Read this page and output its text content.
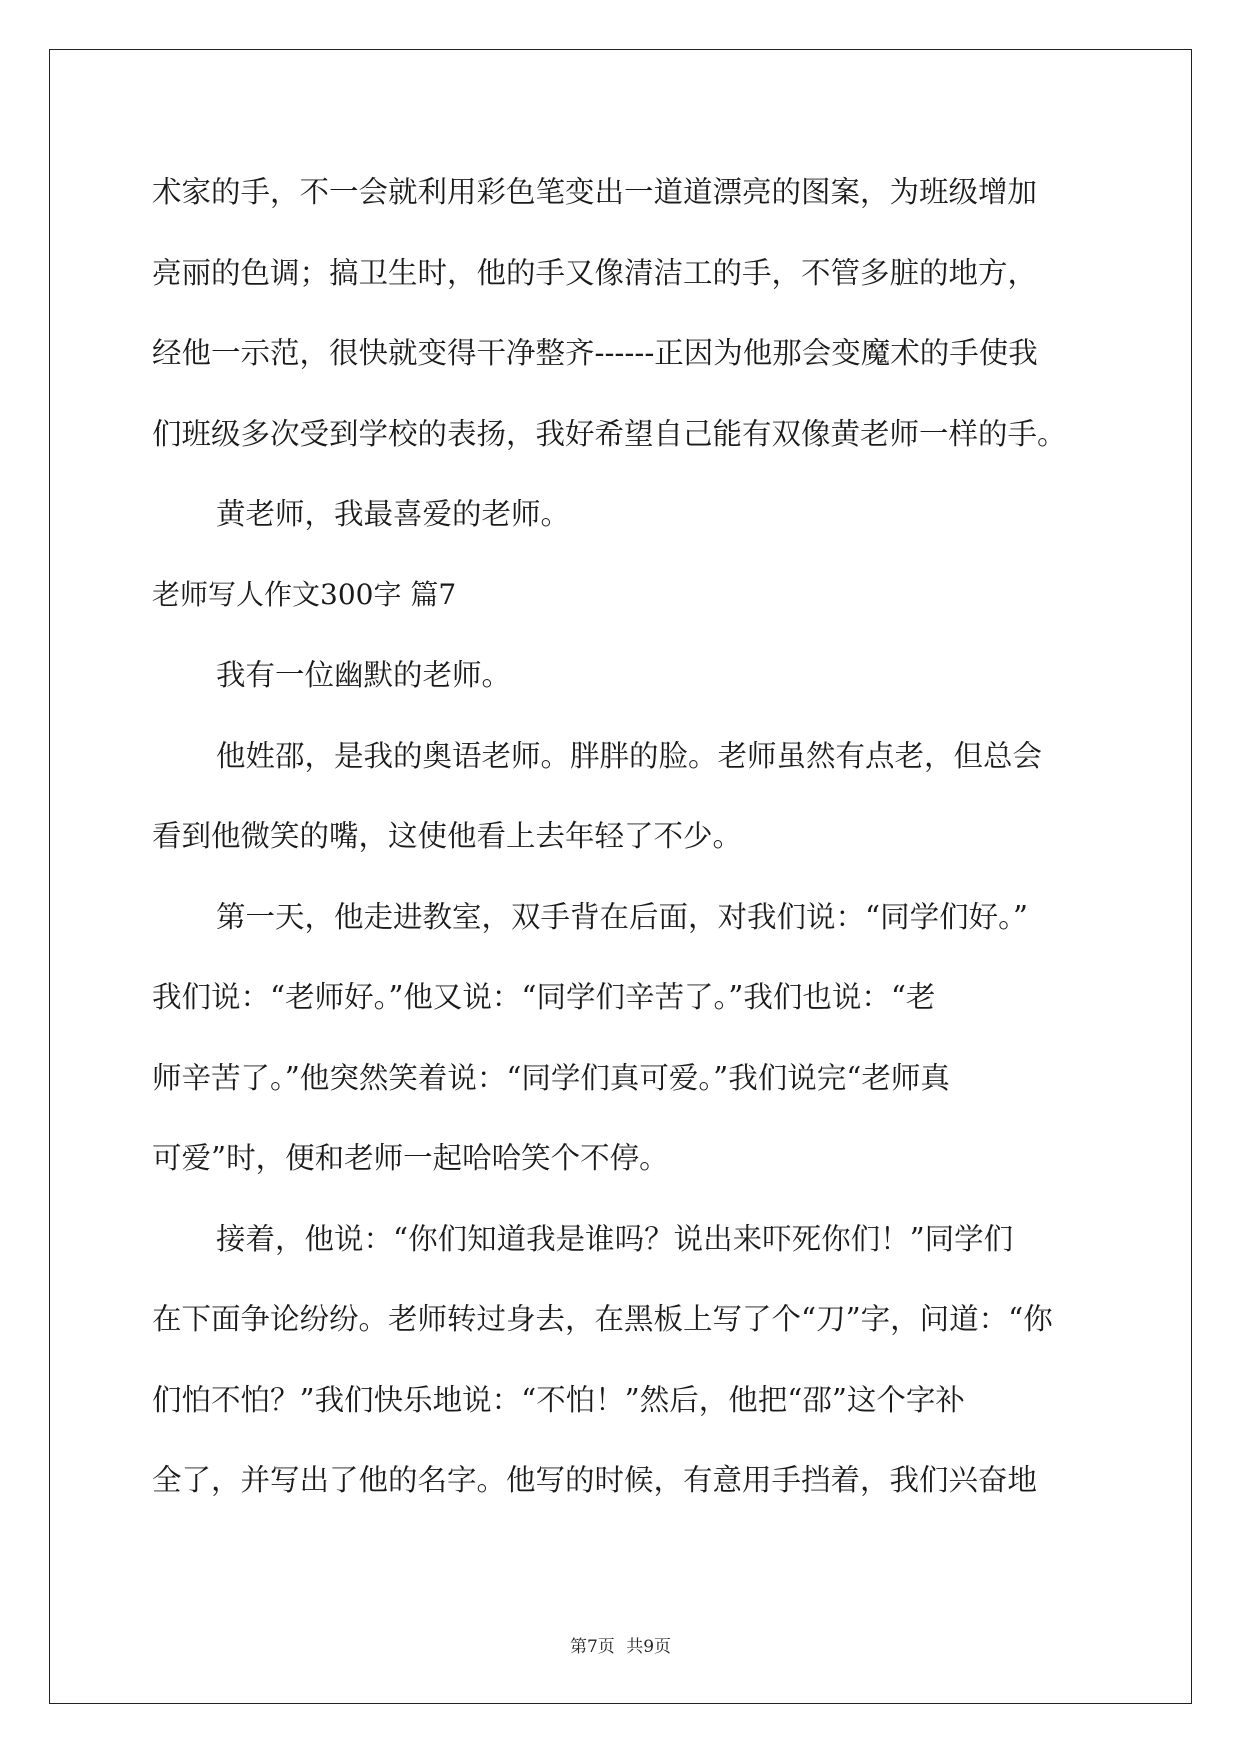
术家的手，不一会就利用彩色笔变出一道道漂亮的图案，为班级增加
亮丽的色调；搞卫生时，他的手又像清洁工的手，不管多脏的地方，
经他一示范，很快就变得干净整齐------正因为他那会变魔术的手使我
们班级多次受到学校的表扬，我好希望自己能有双像黄老师一样的手。
黄老师，我最喜爱的老师。
老师写人作文300字 篇7
我有一位幽默的老师。
他姓邵，是我的奥语老师。胖胖的脸。老师虽然有点老，但总会
看到他微笑的嘴，这使他看上去年轻了不少。
第一天，他走进教室，双手背在后面，对我们说：“同学们好。”
我们说：“老师好。”他又说：“同学们辛苦了。”我们也说：“老
师辛苦了。”他突然笑着说：“同学们真可爱。”我们说完“老师真
可爱”时，便和老师一起哈哈笑个不停。
接着，他说：“你们知道我是谁吗？说出来吓死你们！”同学们
在下面争论纷纷。老师转过身去，在黑板上写了个“刀”字，问道：“你
们怕不怕？”我们快乐地说：“不怕！”然后，他把“邵”这个字补
全了，并写出了他的名字。他写的时候，有意用手挡着，我们兴奋地
第7页 共9页
